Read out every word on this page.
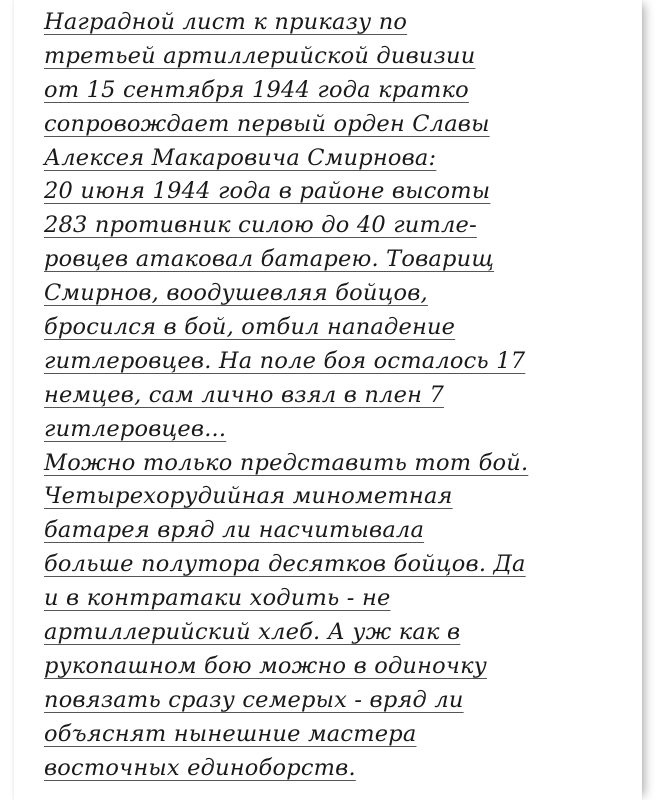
Наградной лист к приказу по
третьей артиллерийской дивизии
от 15 сентября 1944 года кратко
сопровождает первый орден Славы
Алексея Макаровича Смирнова:
20 июня 1944 года в районе высоты
283 противник силою до 40 гитле-
ровцев атаковал батарею. Товарищ
Смирнов, воодушевляя бойцов,
бросился в бой, отбил нападение
гитлеровцев. На поле боя осталось 17
немцев, сам лично взял в плен 7
гитлеровцев...
Можно только представить тот бой.
Четырехорудийная минометная
батарея вряд ли насчитывала
больше полутора десятков бойцов. Да
и в контратаки ходить - не
артиллерийский хлеб. А уж как в
рукопашном бою можно в одиночку
повязать сразу семерых - вряд ли
объяснят нынешние мастера
восточных единоборств.
